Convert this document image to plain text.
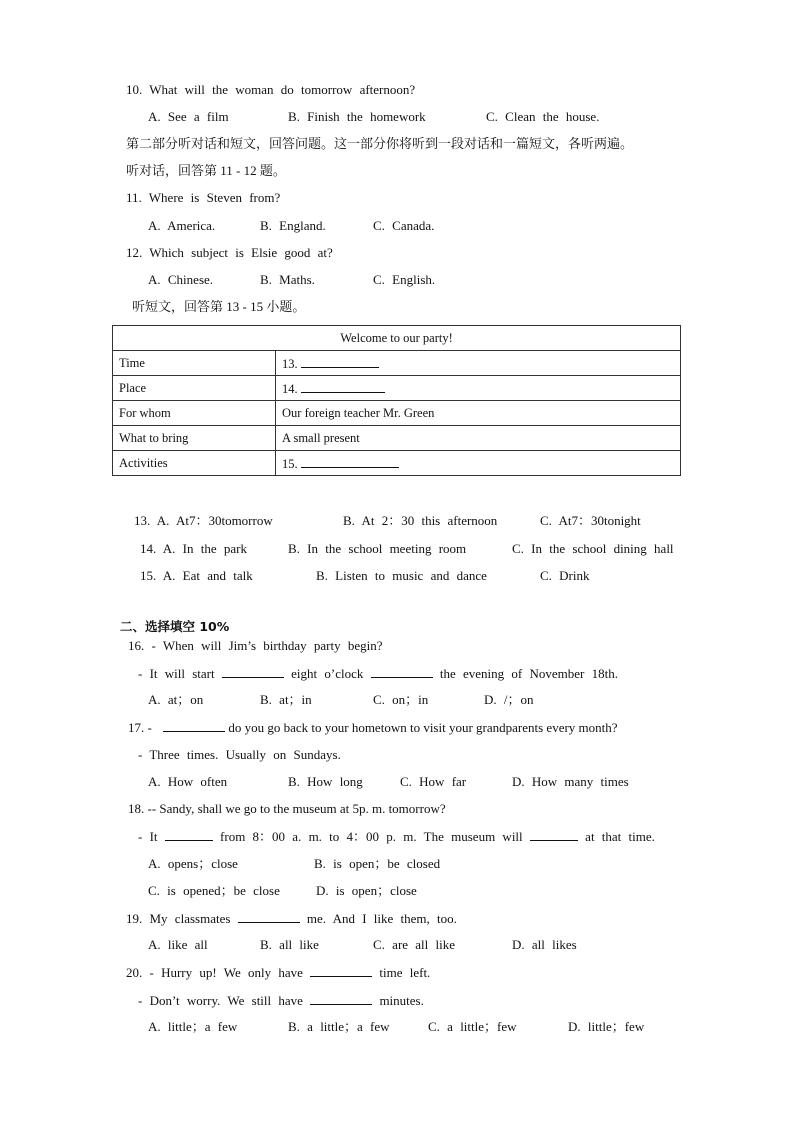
10. What will the woman do tomorrow afternoon?
A. See a film	B. Finish the homework	C. Clean the house.
第二部分听对话和短文，回答问题。这一部分你将听到一段对话和一篇短文，各听两遍。
听对话，回答第 11 - 12 题。
11. Where is Steven from?
A. America.	B. England.	C. Canada.
12. Which subject is Elsie good at?
A. Chinese.	B. Maths.	C. English.
听短文，回答第 13 - 15 小题。
Welcome to our party!	
Time	13.
Place	14.
For whom	Our foreign teacher Mr. Green
What to bring	A small present
Activities	15.
13. A. At7：30tomorrow	B. At 2：30 this afternoon	C. At7：30tonight
14. A. In the park	B. In the school meeting room	C. In the school dining hall
15. A. Eat and talk	B. Listen to music and dance	C. Drink
二、选择填空 10%
16. - When will Jim’s birthday party begin?
- It will start	eight o’clock	the evening of November 18th.
A. at；on	B. at；in	C. on；in	D. /；on
17. -	do you go back to your hometown to visit your grandparents every month?
- Three times. Usually on Sundays.
A. How often	B. How long	C. How far	D. How many times
18. -- Sandy, shall we go to the museum at 5p. m. tomorrow?
- It	from 8：00 a. m. to 4：00 p. m. The museum will	at that time.
A. opens；close	B. is open；be closed
C. is opened；be close	D. is open；close
19. My classmates	me. And I like them, too.
A. like all	B. all like	C. are all like	D. all likes
20. - Hurry up! We only have	time left.
- Don’t worry. We still have	minutes.
A. little；a few	B. a little；a few	C. a little；few	D. little；few
